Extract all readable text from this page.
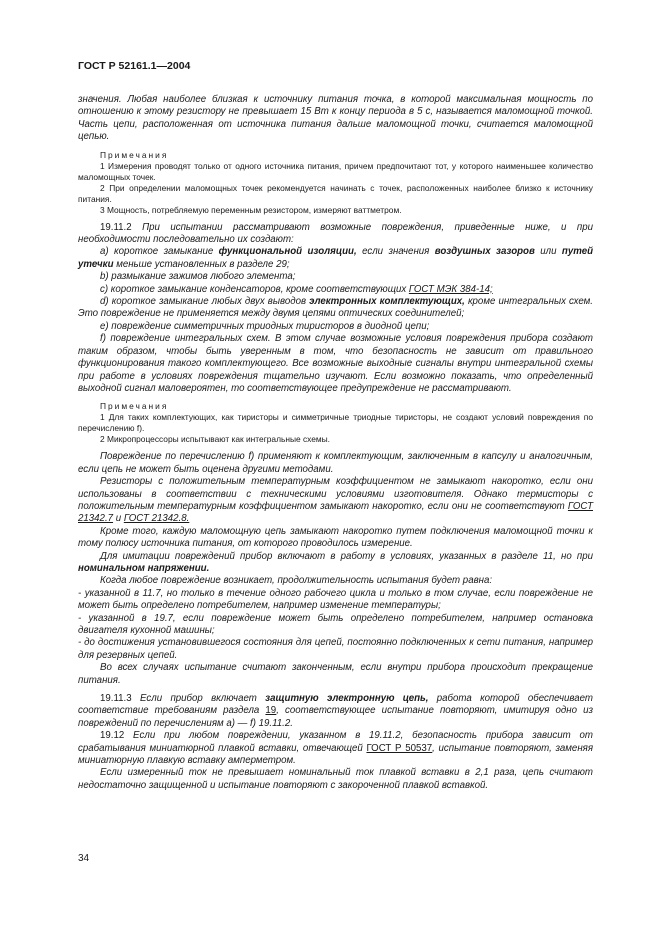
ГОСТ Р 52161.1—2004

значения. Любая наиболее близкая к источнику питания точка, в которой максимальная мощность по отношению к этому резистору не превышает 15 Вт к концу периода в 5 с, называется маломощной точкой. Часть цепи, расположенная от источника питания дальше маломощной точки, считается маломощной цепью.

Примечания

1 Измерения проводят только от одного источника питания, причем предпочитают тот, у которого наименьшее количество маломощных точек.

2 При определении маломощных точек рекомендуется начинать с точек, расположенных наиболее близко к источнику питания.

3 Мощность, потребляемую переменным резистором, измеряют ваттметром.

19.11.2 При испытании рассматривают возможные повреждения, приведенные ниже, и при необходимости последовательно их создают:

а) короткое замыкание функциональной изоляции, если значения воздушных зазоров или путей утечки меньше установленных в разделе 29;

b) размыкание зажимов любого элемента;

с) короткое замыкание конденсаторов, кроме соответствующих ГОСТ МЭК 384-14;

d) короткое замыкание любых двух выводов электронных комплектующих, кроме интегральных схем. Это повреждение не применяется между двумя цепями оптических соединителей;

е) повреждение симметричных триодных тиристоров в диодной цепи;

f) повреждение интегральных схем. В этом случае возможные условия повреждения прибора создают таким образом, чтобы быть уверенным в том, что безопасность не зависит от правильного функционирования такого комплектующего. Все возможные выходные сигналы внутри интегральной схемы при работе в условиях повреждения тщательно изучают. Если возможно показать, что определенный выходной сигнал маловероятен, то соответствующее предупреждение не рассматривают.

Примечания

1 Для таких комплектующих, как тиристоры и симметричные триодные тиристоры, не создают условий повреждения по перечислению f).

2 Микропроцессоры испытывают как интегральные схемы.

Повреждение по перечислению f) применяют к комплектующим, заключенным в капсулу и аналогичным, если цепь не может быть оценена другими методами.

Резисторы с положительным температурным коэффициентом не замыкают накоротко, если они использованы в соответствии с техническими условиями изготовителя. Однако термисторы с положительным температурным коэффициентом замыкают накоротко, если они не соответствуют ГОСТ 21342.7 и ГОСТ 21342.8.

Кроме того, каждую маломощную цепь замыкают накоротко путем подключения маломощной точки к тому полюсу источника питания, от которого проводилось измерение.

Для имитации повреждений прибор включают в работу в условиях, указанных в разделе 11, но при номинальном напряжении.

Когда любое повреждение возникает, продолжительность испытания будет равна:

- указанной в 11.7, но только в течение одного рабочего цикла и только в том случае, если повреждение не может быть определено потребителем, например изменение температуры;

- указанной в 19.7, если повреждение может быть определено потребителем, например остановка двигателя кухонной машины;

- до достижения установившегося состояния для цепей, постоянно подключенных к сети питания, например для резервных цепей.

Во всех случаях испытание считают законченным, если внутри прибора происходит прекращение питания.

19.11.3 Если прибор включает защитную электронную цепь, работа которой обеспечивает соответствие требованиям раздела 19, соответствующее испытание повторяют, имитируя одно из повреждений по перечислениям а) — f) 19.11.2.

19.12 Если при любом повреждении, указанном в 19.11.2, безопасность прибора зависит от срабатывания миниатюрной плавкой вставки, отвечающей ГОСТ Р 50537, испытание повторяют, заменяя миниатюрную плавкую вставку амперметром.

Если измеренный ток не превышает номинальный ток плавкой вставки в 2,1 раза, цепь считают недостаточно защищенной и испытание повторяют с закороченной плавкой вставкой.

34
